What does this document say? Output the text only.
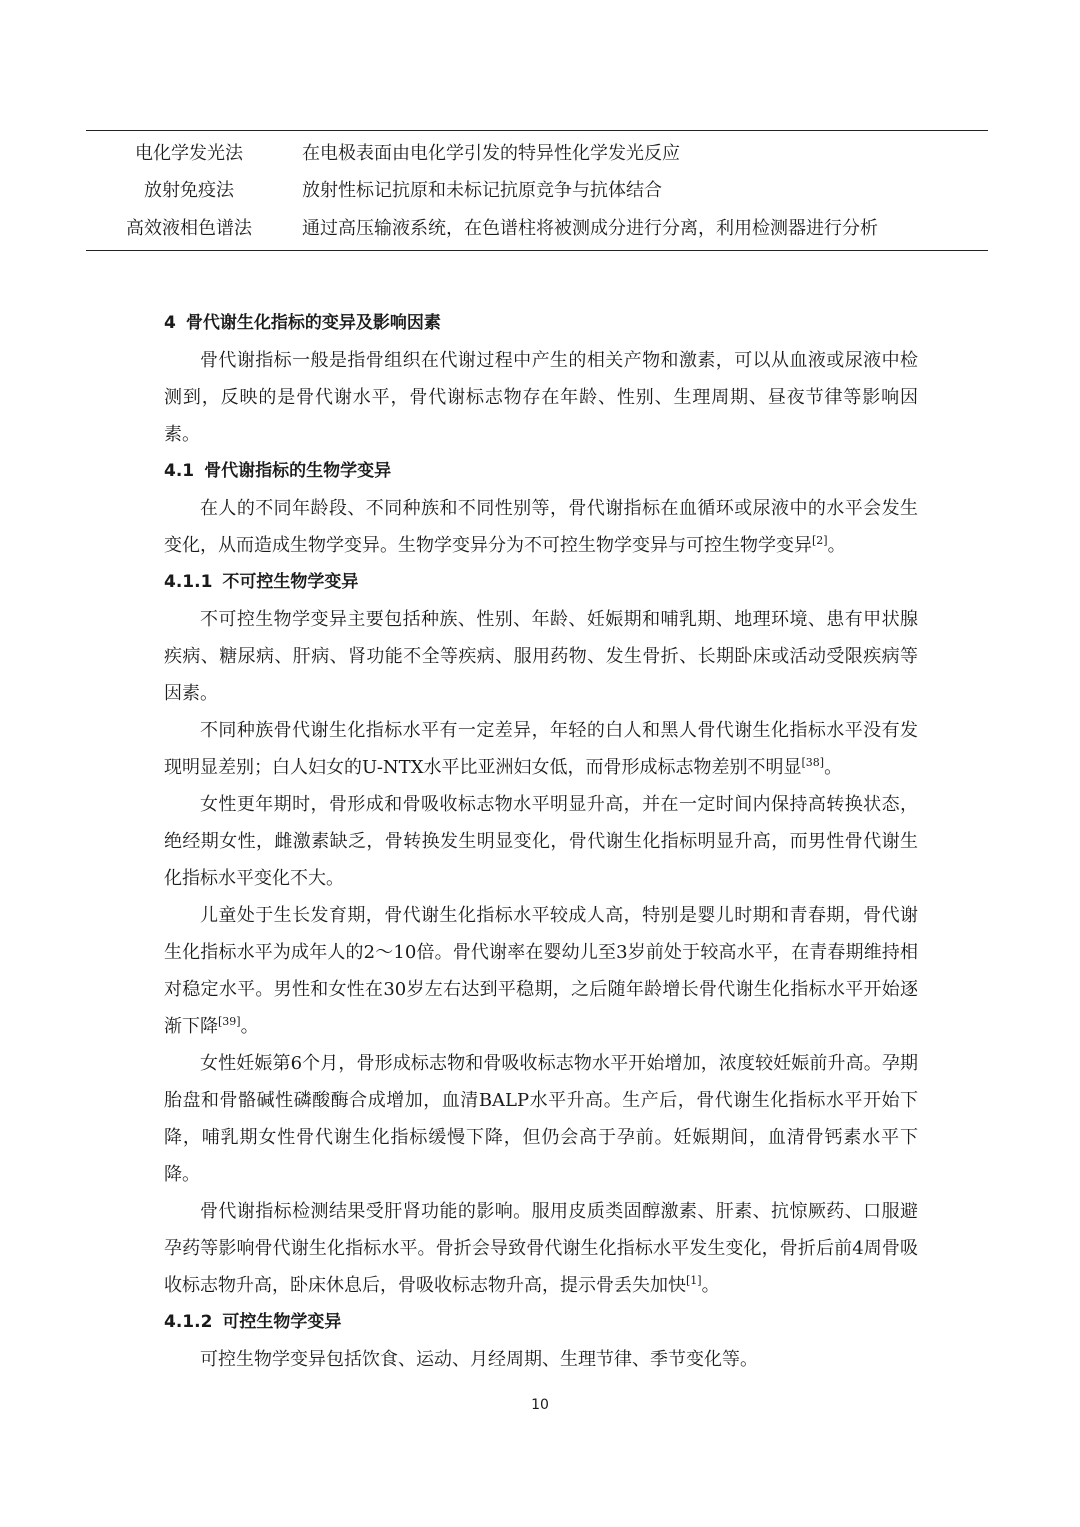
电化学发光法	在电极表面由电化学引发的特异性化学发光反应
放射免疫法	放射性标记抗原和未标记抗原竞争与抗体结合
高效液相色谱法	通过高压输液系统，在色谱柱将被测成分进行分离，利用检测器进行分析
4 骨代谢生化指标的变异及影响因素

骨代谢指标一般是指骨组织在代谢过程中产生的相关产物和激素，可以从血液或尿液中检测到，反映的是骨代谢水平，骨代谢标志物存在年龄、性别、生理周期、昼夜节律等影响因素。

4.1 骨代谢指标的生物学变异

在人的不同年龄段、不同种族和不同性别等，骨代谢指标在血循环或尿液中的水平会发生变化，从而造成生物学变异。生物学变异分为不可控生物学变异与可控生物学变异[2]。

4.1.1 不可控生物学变异

不可控生物学变异主要包括种族、性别、年龄、妊娠期和哺乳期、地理环境、患有甲状腺疾病、糖尿病、肝病、肾功能不全等疾病、服用药物、发生骨折、长期卧床或活动受限疾病等因素。

不同种族骨代谢生化指标水平有一定差异，年轻的白人和黑人骨代谢生化指标水平没有发现明显差别；白人妇女的U-NTX水平比亚洲妇女低，而骨形成标志物差别不明显[38]。

女性更年期时，骨形成和骨吸收标志物水平明显升高，并在一定时间内保持高转换状态，绝经期女性，雌激素缺乏，骨转换发生明显变化，骨代谢生化指标明显升高，而男性骨代谢生化指标水平变化不大。

儿童处于生长发育期，骨代谢生化指标水平较成人高，特别是婴儿时期和青春期，骨代谢生化指标水平为成年人的2～10倍。骨代谢率在婴幼儿至3岁前处于较高水平，在青春期维持相对稳定水平。男性和女性在30岁左右达到平稳期，之后随年龄增长骨代谢生化指标水平开始逐渐下降[39]。

女性妊娠第6个月，骨形成标志物和骨吸收标志物水平开始增加，浓度较妊娠前升高。孕期胎盘和骨骼碱性磷酸酶合成增加，血清BALP水平升高。生产后，骨代谢生化指标水平开始下降，哺乳期女性骨代谢生化指标缓慢下降，但仍会高于孕前。妊娠期间，血清骨钙素水平下降。

骨代谢指标检测结果受肝肾功能的影响。服用皮质类固醇激素、肝素、抗惊厥药、口服避孕药等影响骨代谢生化指标水平。骨折会导致骨代谢生化指标水平发生变化，骨折后前4周骨吸收标志物升高，卧床休息后，骨吸收标志物升高，提示骨丢失加快[1]。

4.1.2 可控生物学变异

可控生物学变异包括饮食、运动、月经周期、生理节律、季节变化等。

10
